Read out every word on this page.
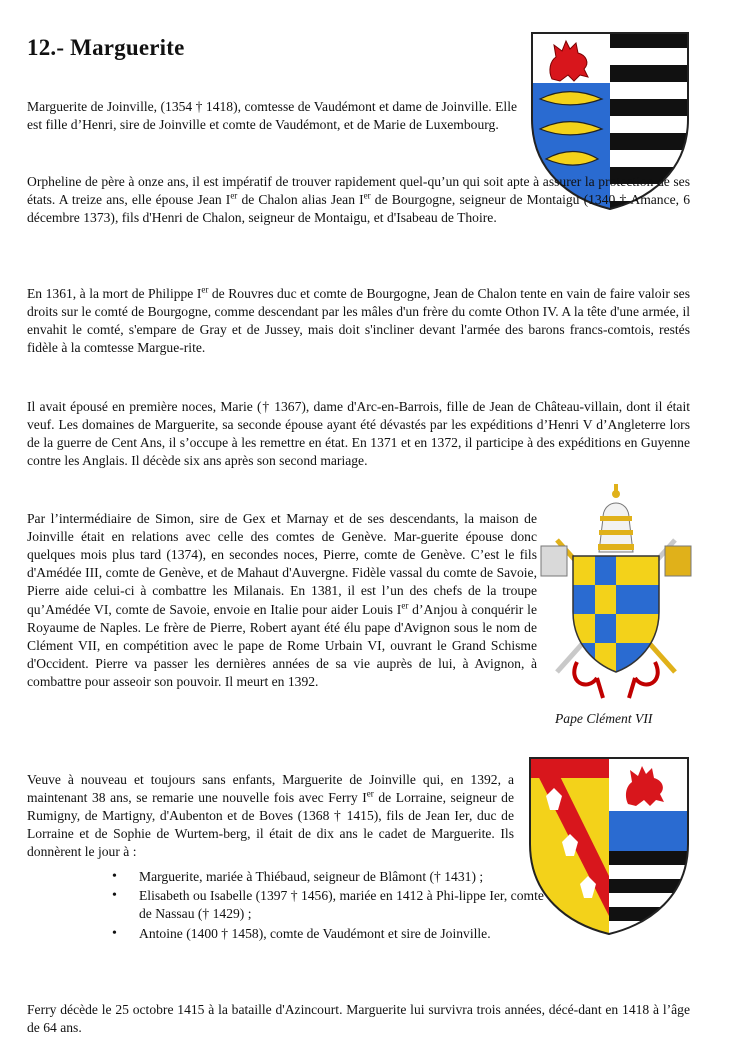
12.- Marguerite

Marguerite de Joinville, (1354 † 1418), comtesse de Vaudémont et dame de Joinville. Elle est fille d’Henri, sire de Joinville et comte de Vaudémont, et de Marie de Luxembourg.

Orpheline de père à onze ans, il est impératif de trouver rapidement quel-qu’un qui soit apte à assurer la protection de ses états. A treize ans, elle épouse Jean Ier de Chalon alias Jean Ier de Bourgogne, seigneur de Montaigu (1340 † Amance, 6 décembre 1373), fils d'Henri de Chalon, seigneur de Montaigu, et d'Isabeau de Thoire.

En 1361, à la mort de Philippe Ier de Rouvres duc et comte de Bourgogne, Jean de Chalon tente en vain de faire valoir ses droits sur le comté de Bourgogne, comme descendant par les mâles d'un frère du comte Othon IV. A la tête d'une armée, il envahit le comté, s'empare de Gray et de Jussey, mais doit s'incliner devant l'armée des barons francs-comtois, restés fidèle à la comtesse Margue-rite.

Il avait épousé en première noces, Marie († 1367), dame d'Arc-en-Barrois, fille de Jean de Château-villain, dont il était veuf. Les domaines de Marguerite, sa seconde épouse ayant été dévastés par les expéditions d’Henri V d’Angleterre lors de la guerre de Cent Ans, il s’occupe à les remettre en état. En 1371 et en 1372, il participe à des expéditions en Guyenne contre les Anglais. Il décède six ans après son second mariage.

Par l’intermédiaire de Simon, sire de Gex et Marnay et de ses descendants, la maison de Joinville était en relations avec celle des comtes de Genève. Mar-guerite épouse donc quelques mois plus tard (1374), en secondes noces, Pierre, comte de Genève. C’est le fils d'Amédée III, comte de Genève, et de Mahaut d'Auvergne. Fidèle vassal du comte de Savoie, Pierre aide celui-ci à combattre les Milanais. En 1381, il est l’un des chefs de la troupe qu’Amédée VI, comte de Savoie, envoie en Italie pour aider Louis Ier d’Anjou à conquérir le Royaume de Naples. Le frère de Pierre, Robert ayant été élu pape d'Avignon sous le nom de Clément VII, en compétition avec le pape de Rome Urbain VI, ouvrant le Grand Schisme d'Occident. Pierre va passer les dernières années de sa vie auprès de lui, à Avignon, à combattre pour asseoir son pouvoir. Il meurt en 1392.

Pape Clément VII

Veuve à nouveau et toujours sans enfants, Marguerite de Joinville qui, en 1392, a maintenant 38 ans, se remarie une nouvelle fois avec Ferry Ier de Lorraine, seigneur de Rumigny, de Martigny, d'Aubenton et de Boves (1368 † 1415), fils de Jean Ier, duc de Lorraine et de Sophie de Wurtem-berg, il était de dix ans le cadet de Marguerite. Ils donnèrent le jour à :

• Marguerite, mariée à Thiébaud, seigneur de Blâmont († 1431) ;
• Elisabeth ou Isabelle (1397 † 1456), mariée en 1412 à Phi-lippe Ier, comte de Nassau († 1429) ;
• Antoine (1400 † 1458), comte de Vaudémont et sire de Joinville.

Ferry décède le 25 octobre 1415 à la bataille d'Azincourt. Marguerite lui survivra trois années, décé-dant en 1418 à l’âge de 64 ans.
